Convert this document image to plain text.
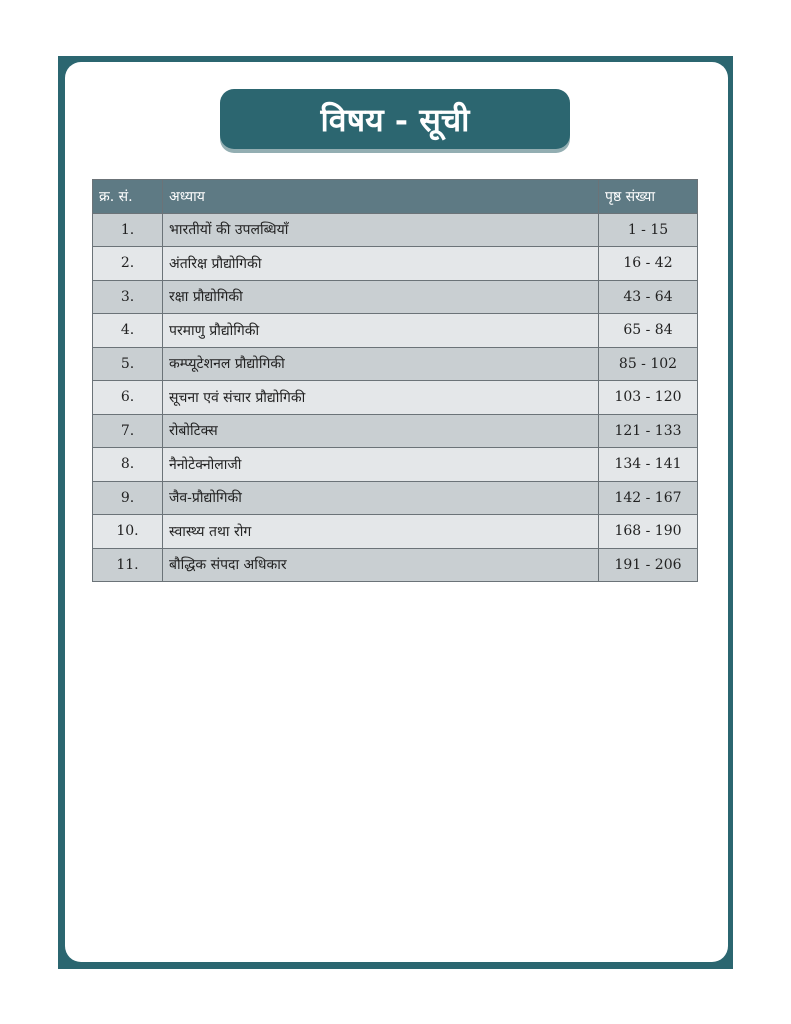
विषय - सूची
क्र. सं.	अध्याय	पृष्ठ संख्या
1.	भारतीयों की उपलब्धियाँ	1 - 15
2.	अंतरिक्ष प्रौद्योगिकी	16 - 42
3.	रक्षा प्रौद्योगिकी	43 - 64
4.	परमाणु प्रौद्योगिकी	65 - 84
5.	कम्प्यूटेशनल प्रौद्योगिकी	85 - 102
6.	सूचना एवं संचार प्रौद्योगिकी	103 - 120
7.	रोबोटिक्स	121 - 133
8.	नैनोटेक्नोलाजी	134 - 141
9.	जैव-प्रौद्योगिकी	142 - 167
10.	स्वास्थ्य तथा रोग	168 - 190
11.	बौद्धिक संपदा अधिकार	191 - 206
